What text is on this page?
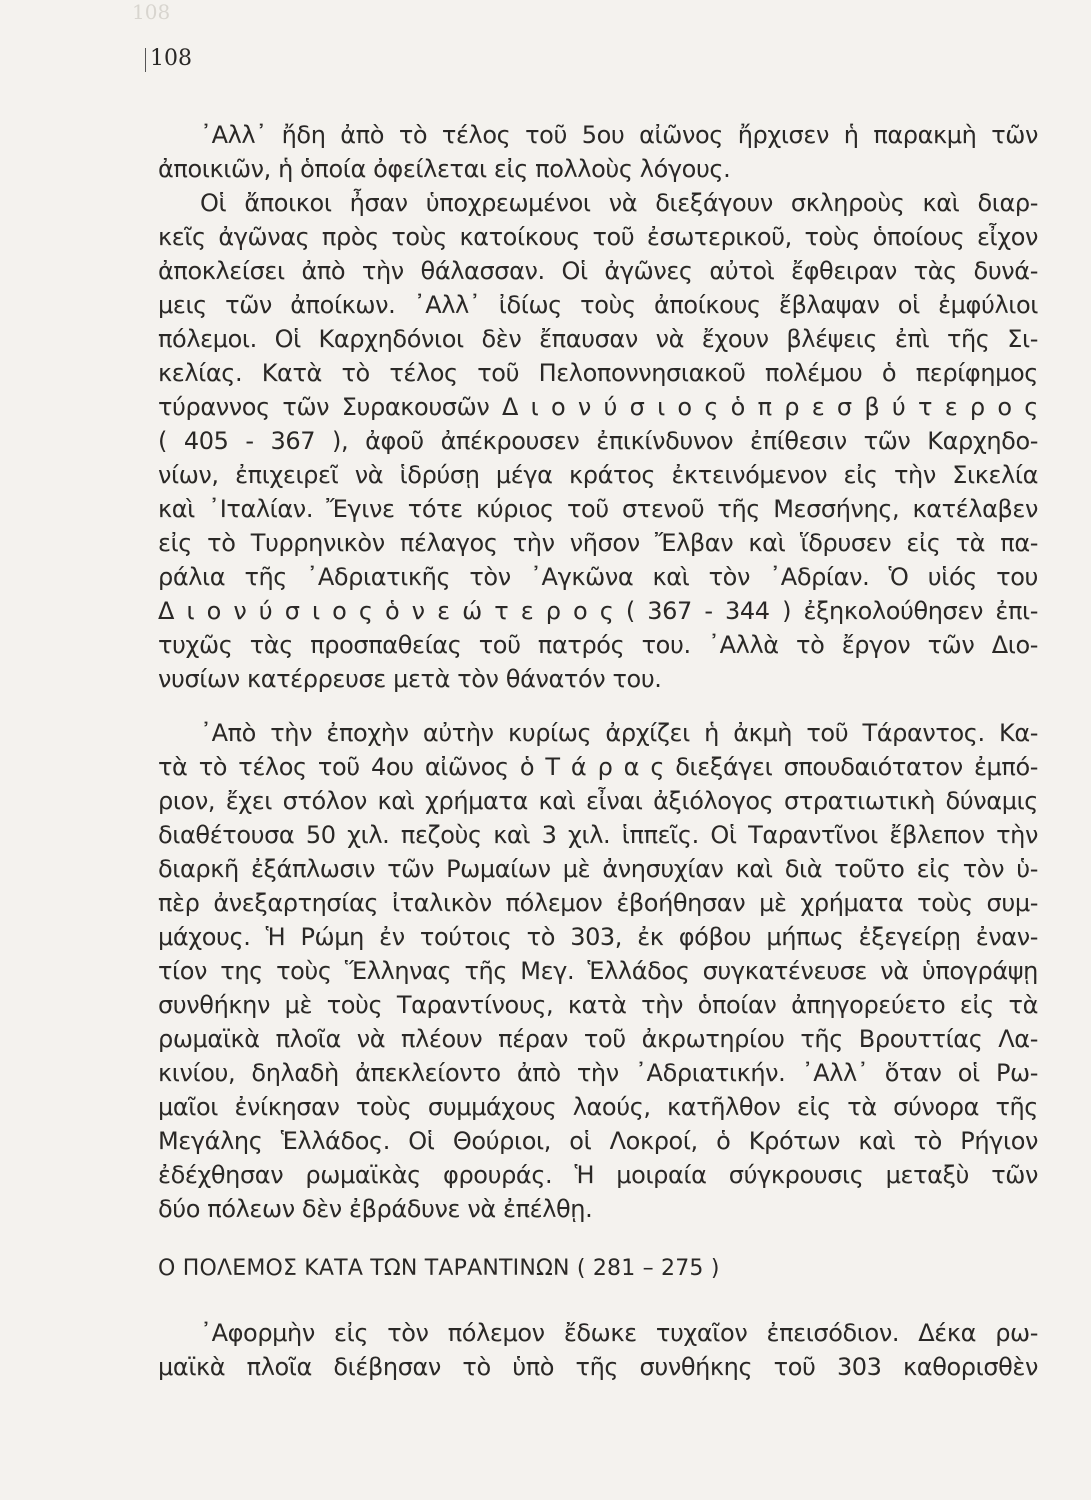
108
108
᾿Αλλ᾿ ἤδη ἀπὸ τὸ τέλος τοῦ 5ου αἰῶνος ἤρχισεν ἡ παρακμὴ τῶν
ἀποικιῶν, ἡ ὁποία ὀφείλεται εἰς πολλοὺς λόγους.
Οἱ ἄποικοι ἦσαν ὑποχρεωμένοι νὰ διεξάγουν σκληροὺς καὶ διαρ-
κεῖς ἀγῶνας πρὸς τοὺς κατοίκους τοῦ ἐσωτερικοῦ, τοὺς ὁποίους εἶχον
ἀποκλείσει ἀπὸ τὴν θάλασσαν. Οἱ ἀγῶνες αὐτοὶ ἔφθειραν τὰς δυνά-
μεις τῶν ἀποίκων. ᾿Αλλ᾿ ἰδίως τοὺς ἀποίκους ἔβλαψαν οἱ ἐμφύλιοι
πόλεμοι. Οἱ Καρχηδόνιοι δὲν ἔπαυσαν νὰ ἔχουν βλέψεις ἐπὶ τῆς Σι-
κελίας. Κατὰ τὸ τέλος τοῦ Πελοποννησιακοῦ πολέμου ὁ περίφημος
τύραννος τῶν Συρακουσῶν Δ ι ο ν ύ σ ι ο ς ὁ π ρ ε σ β ύ τ ε ρ ο ς
( 405 - 367 ), ἀφοῦ ἀπέκρουσεν ἐπικίνδυνον ἐπίθεσιν τῶν Καρχηδο-
νίων, ἐπιχειρεῖ νὰ ἱδρύσῃ μέγα κράτος ἐκτεινόμενον εἰς τὴν Σικελία
καὶ ᾿Ιταλίαν. Ἔγινε τότε κύριος τοῦ στενοῦ τῆς Μεσσήνης, κατέλαβεν
εἰς τὸ Τυρρηνικὸν πέλαγος τὴν νῆσον Ἔλβαν καὶ ἵδρυσεν εἰς τὰ πα-
ράλια τῆς ᾿Αδριατικῆς τὸν ᾿Αγκῶνα καὶ τὸν ᾿Αδρίαν. Ὁ υἱός του
Δ ι ο ν ύ σ ι ο ς ὁ ν ε ώ τ ε ρ ο ς ( 367 - 344 ) ἐξηκολούθησεν ἐπι-
τυχῶς τὰς προσπαθείας τοῦ πατρός του. ᾿Αλλὰ τὸ ἔργον τῶν Διο-
νυσίων κατέρρευσε μετὰ τὸν θάνατόν του.
᾿Απὸ τὴν ἐποχὴν αὐτὴν κυρίως ἀρχίζει ἡ ἀκμὴ τοῦ Τάραντος. Κα-
τὰ τὸ τέλος τοῦ 4ου αἰῶνος ὁ Τ ά ρ α ς διεξάγει σπουδαιότατον ἐμπό-
ριον, ἔχει στόλον καὶ χρήματα καὶ εἶναι ἀξιόλογος στρατιωτικὴ δύναμις
διαθέτουσα 50 χιλ. πεζοὺς καὶ 3 χιλ. ἱππεῖς. Οἱ Ταραντῖνοι ἔβλεπον τὴν
διαρκῆ ἐξάπλωσιν τῶν Ρωμαίων μὲ ἀνησυχίαν καὶ διὰ τοῦτο εἰς τὸν ὑ-
πὲρ ἀνεξαρτησίας ἰταλικὸν πόλεμον ἐβοήθησαν μὲ χρήματα τοὺς συμ-
μάχους. Ἡ Ρώμη ἐν τούτοις τὸ 303, ἐκ φόβου μήπως ἐξεγείρῃ ἐναν-
τίον της τοὺς Ἕλληνας τῆς Μεγ. Ἑλλάδος συγκατένευσε νὰ ὑπογράψῃ
συνθήκην μὲ τοὺς Ταραντίνους, κατὰ τὴν ὁποίαν ἀπηγορεύετο εἰς τὰ
ρωμαϊκὰ πλοῖα νὰ πλέουν πέραν τοῦ ἀκρωτηρίου τῆς Βρουττίας Λα-
κινίου, δηλαδὴ ἀπεκλείοντο ἀπὸ τὴν ᾿Αδριατικήν. ᾿Αλλ᾿ ὅταν οἱ Ρω-
μαῖοι ἐνίκησαν τοὺς συμμάχους λαούς, κατῆλθον εἰς τὰ σύνορα τῆς
Μεγάλης Ἑλλάδος. Οἱ Θούριοι, οἱ Λοκροί, ὁ Κρότων καὶ τὸ Ρήγιον
ἐδέχθησαν ρωμαϊκὰς φρουράς. Ἡ μοιραία σύγκρουσις μεταξὺ τῶν
δύο πόλεων δὲν ἐβράδυνε νὰ ἐπέλθῃ.
Ο ΠΟΛΕΜΟΣ ΚΑΤΑ ΤΩΝ ΤΑΡΑΝΤΙΝΩΝ ( 281 – 275 )
᾿Αφορμὴν εἰς τὸν πόλεμον ἔδωκε τυχαῖον ἐπεισόδιον. Δέκα ρω-
μαϊκὰ πλοῖα διέβησαν τὸ ὑπὸ τῆς συνθήκης τοῦ 303 καθορισθὲν
